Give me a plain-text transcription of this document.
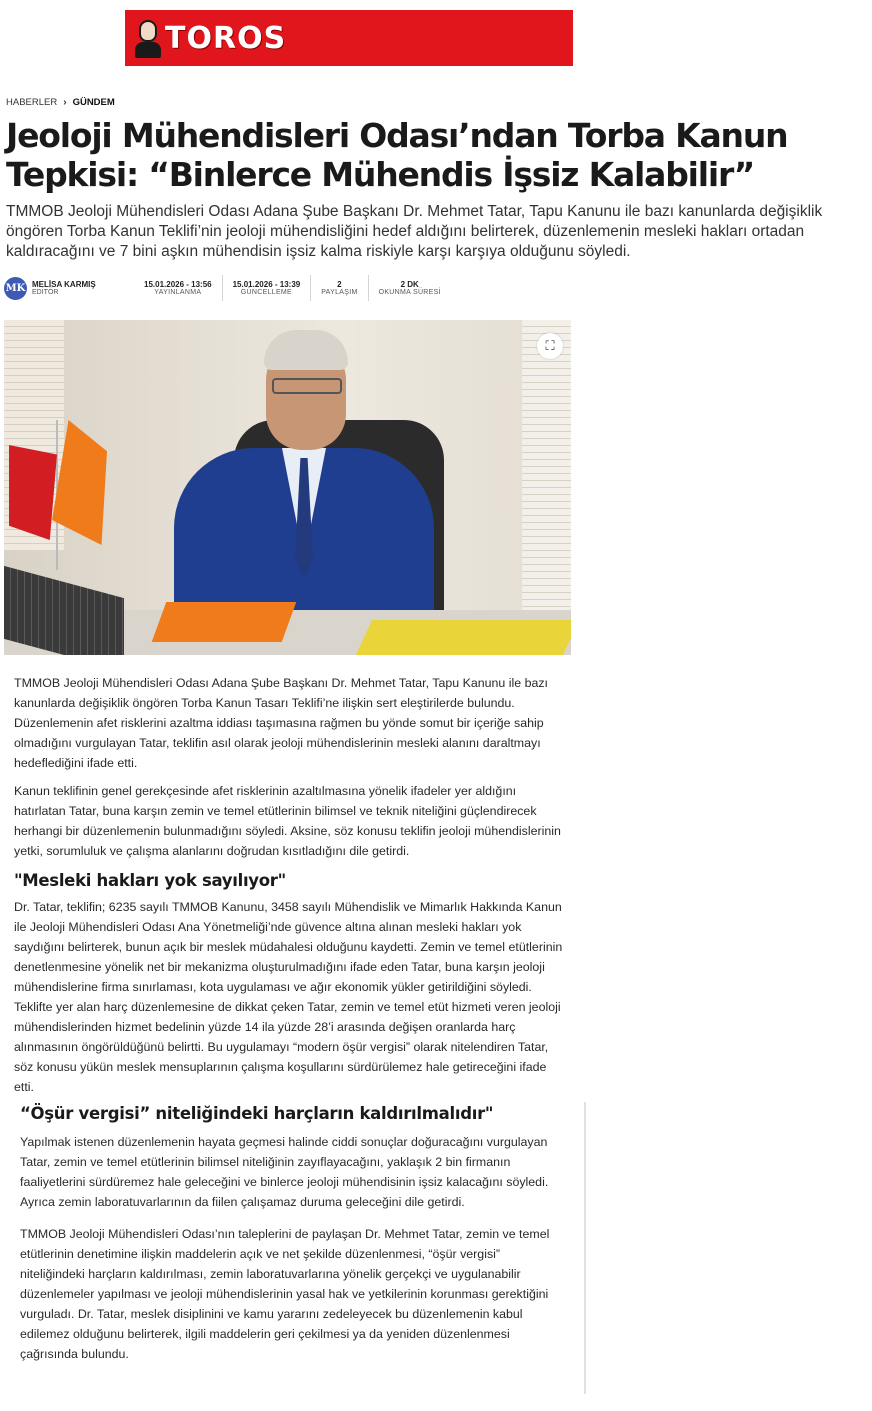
TOROS
HABERLER › GÜNDEM
Jeoloji Mühendisleri Odası’ndan Torba Kanun Tepkisi: “Binlerce Mühendis İşsiz Kalabilir”

TMMOB Jeoloji Mühendisleri Odası Adana Şube Başkanı Dr. Mehmet Tatar, Tapu Kanunu ile bazı kanunlarda değişiklik öngören Torba Kanun Teklifi’nin jeoloji mühendisliğini hedef aldığını belirterek, düzenlemenin mesleki hakları ortadan kaldıracağını ve 7 bini aşkın mühendisin işsiz kalma riskiyle karşı karşıya olduğunu söyledi.

MK MELİSA KARMIŞ
EDİTÖR
15.01.2026 - 13:56
YAYINLANMA
15.01.2026 - 13:39
GÜNCELLEME
2
PAYLAŞIM
2 DK
OKUNMA SÜRESİ
⛶

TMMOB Jeoloji Mühendisleri Odası Adana Şube Başkanı Dr. Mehmet Tatar, Tapu Kanunu ile bazı kanunlarda değişiklik öngören Torba Kanun Tasarı Teklifi’ne ilişkin sert eleştirilerde bulundu. Düzenlemenin afet risklerini azaltma iddiası taşımasına rağmen bu yönde somut bir içeriğe sahip olmadığını vurgulayan Tatar, teklifin asıl olarak jeoloji mühendislerinin mesleki alanını daraltmayı hedeflediğini ifade etti.

Kanun teklifinin genel gerekçesinde afet risklerinin azaltılmasına yönelik ifadeler yer aldığını hatırlatan Tatar, buna karşın zemin ve temel etütlerinin bilimsel ve teknik niteliğini güçlendirecek herhangi bir düzenlemenin bulunmadığını söyledi. Aksine, söz konusu teklifin jeoloji mühendislerinin yetki, sorumluluk ve çalışma alanlarını doğrudan kısıtladığını dile getirdi.

"Mesleki hakları yok sayılıyor"

Dr. Tatar, teklifin; 6235 sayılı TMMOB Kanunu, 3458 sayılı Mühendislik ve Mimarlık Hakkında Kanun ile Jeoloji Mühendisleri Odası Ana Yönetmeliği’nde güvence altına alınan mesleki hakları yok saydığını belirterek, bunun açık bir meslek müdahalesi olduğunu kaydetti. Zemin ve temel etütlerinin denetlenmesine yönelik net bir mekanizma oluşturulmadığını ifade eden Tatar, buna karşın jeoloji mühendislerine firma sınırlaması, kota uygulaması ve ağır ekonomik yükler getirildiğini söyledi. Teklifte yer alan harç düzenlemesine de dikkat çeken Tatar, zemin ve temel etüt hizmeti veren jeoloji mühendislerinden hizmet bedelinin yüzde 14 ila yüzde 28’i arasında değişen oranlarda harç alınmasının öngörüldüğünü belirtti. Bu uygulamayı “modern öşür vergisi” olarak nitelendiren Tatar, söz konusu yükün meslek mensuplarının çalışma koşullarını sürdürülemez hale getireceğini ifade etti.

“Öşür vergisi” niteliğindeki harçların kaldırılmalıdır"

Yapılmak istenen düzenlemenin hayata geçmesi halinde ciddi sonuçlar doğuracağını vurgulayan Tatar, zemin ve temel etütlerinin bilimsel niteliğinin zayıflayacağını, yaklaşık 2 bin firmanın faaliyetlerini sürdüremez hale geleceğini ve binlerce jeoloji mühendisinin işsiz kalacağını söyledi. Ayrıca zemin laboratuvarlarının da fiilen çalışamaz duruma geleceğini dile getirdi.

TMMOB Jeoloji Mühendisleri Odası’nın taleplerini de paylaşan Dr. Mehmet Tatar, zemin ve temel etütlerinin denetimine ilişkin maddelerin açık ve net şekilde düzenlenmesi, “öşür vergisi” niteliğindeki harçların kaldırılması, zemin laboratuvarlarına yönelik gerçekçi ve uygulanabilir düzenlemeler yapılması ve jeoloji mühendislerinin yasal hak ve yetkilerinin korunması gerektiğini vurguladı. Dr. Tatar, meslek disiplinini ve kamu yararını zedeleyecek bu düzenlemenin kabul edilemez olduğunu belirterek, ilgili maddelerin geri çekilmesi ya da yeniden düzenlenmesi çağrısında bulundu.
